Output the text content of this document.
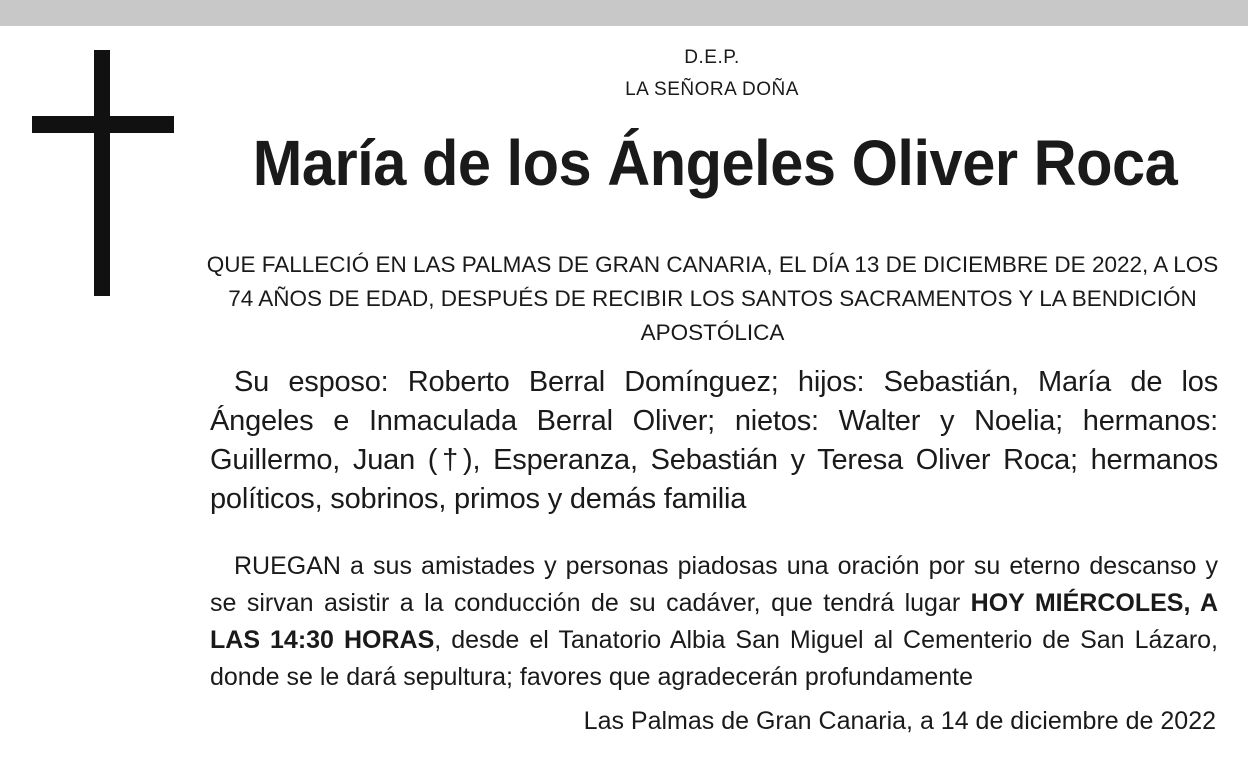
D.E.P.
LA SEÑORA DOÑA
María de los Ángeles Oliver Roca
QUE FALLECIÓ EN LAS PALMAS DE GRAN CANARIA, EL DÍA 13 DE DICIEMBRE DE 2022, A LOS 74 AÑOS DE EDAD, DESPUÉS DE RECIBIR LOS SANTOS SACRAMENTOS Y LA BENDICIÓN APOSTÓLICA
Su esposo: Roberto Berral Domínguez; hijos: Sebastián, María de los Ángeles e Inmaculada Berral Oliver; nietos: Walter y Noelia; hermanos: Guillermo, Juan (†), Esperanza, Sebastián y Teresa Oliver Roca; hermanos políticos, sobrinos, primos y demás familia
RUEGAN a sus amistades y personas piadosas una oración por su eterno descanso y se sirvan asistir a la conducción de su cadáver, que tendrá lugar HOY MIÉRCOLES, A LAS 14:30 HORAS, desde el Tanatorio Albia San Miguel al Cementerio de San Lázaro, donde se le dará sepultura; favores que agradecerán profundamente
Las Palmas de Gran Canaria, a 14 de diciembre de 2022
